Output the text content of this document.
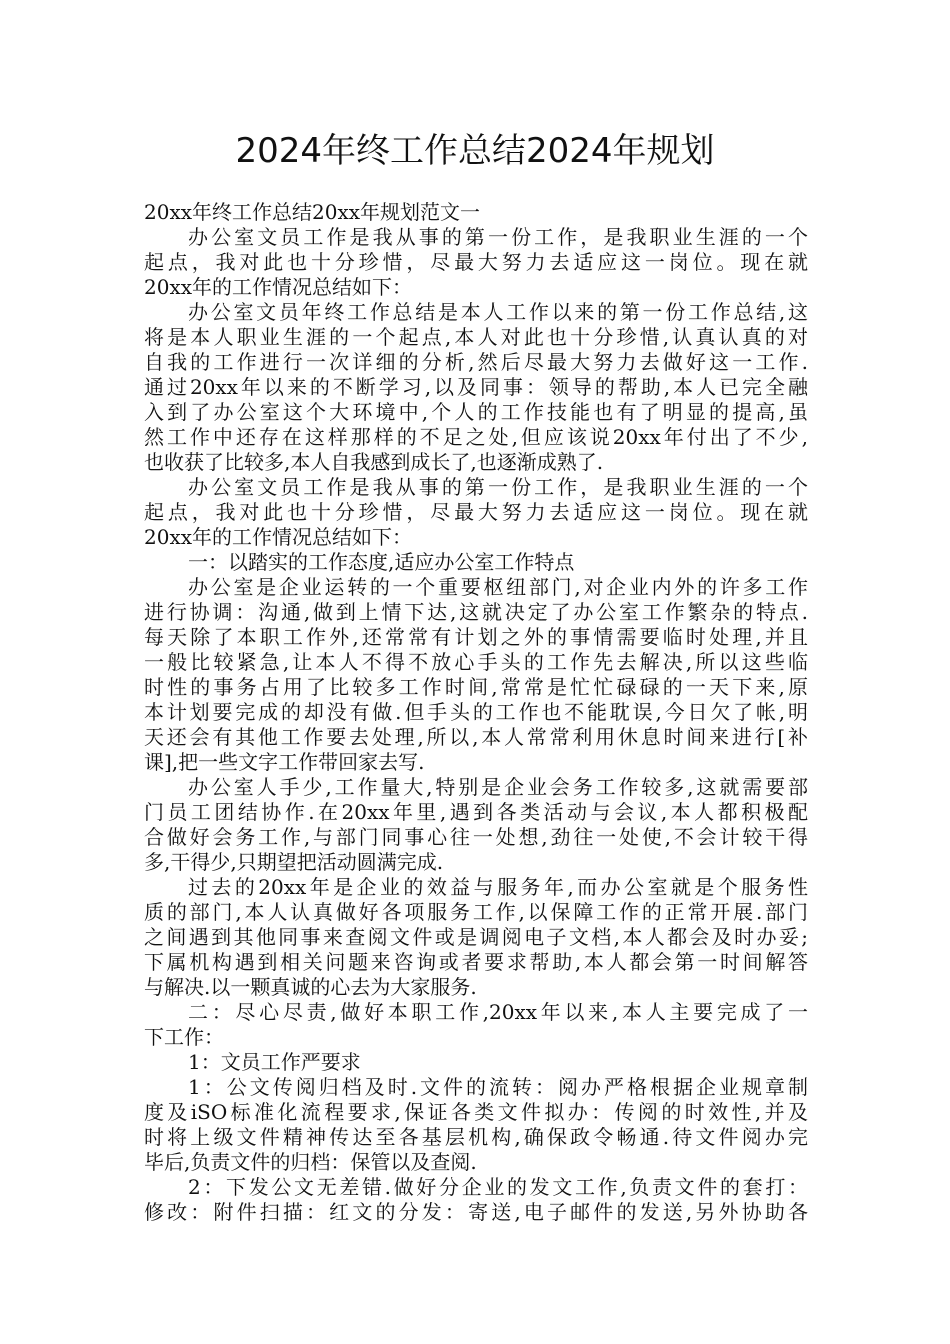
2024年终工作总结2024年规划
20xx年终工作总结20xx年规划范文一
办公室文员工作是我从事的第一份工作，是我职业生涯的一个
起点，我对此也十分珍惜，尽最大努力去适应这一岗位。现在就
20xx年的工作情况总结如下：
办公室文员年终工作总结是本人工作以来的第一份工作总结,这
将是本人职业生涯的一个起点,本人对此也十分珍惜,认真认真的对
自我的工作进行一次详细的分析,然后尽最大努力去做好这一工作.
通过20xx年以来的不断学习,以及同事：领导的帮助,本人已完全融
入到了办公室这个大环境中,个人的工作技能也有了明显的提高,虽
然工作中还存在这样那样的不足之处,但应该说20xx年付出了不少,
也收获了比较多,本人自我感到成长了,也逐渐成熟了.
办公室文员工作是我从事的第一份工作，是我职业生涯的一个
起点，我对此也十分珍惜，尽最大努力去适应这一岗位。现在就
20xx年的工作情况总结如下：
一：以踏实的工作态度,适应办公室工作特点
办公室是企业运转的一个重要枢纽部门,对企业内外的许多工作
进行协调：沟通,做到上情下达,这就决定了办公室工作繁杂的特点.
每天除了本职工作外,还常常有计划之外的事情需要临时处理,并且
一般比较紧急,让本人不得不放心手头的工作先去解决,所以这些临
时性的事务占用了比较多工作时间,常常是忙忙碌碌的一天下来,原
本计划要完成的却没有做.但手头的工作也不能耽误,今日欠了帐,明
天还会有其他工作要去处理,所以,本人常常利用休息时间来进行[补
课],把一些文字工作带回家去写.
办公室人手少,工作量大,特别是企业会务工作较多,这就需要部
门员工团结协作.在20xx年里,遇到各类活动与会议,本人都积极配
合做好会务工作,与部门同事心往一处想,劲往一处使,不会计较干得
多,干得少,只期望把活动圆满完成.
过去的20xx年是企业的效益与服务年,而办公室就是个服务性
质的部门,本人认真做好各项服务工作,以保障工作的正常开展.部门
之间遇到其他同事来查阅文件或是调阅电子文档,本人都会及时办妥;
下属机构遇到相关问题来咨询或者要求帮助,本人都会第一时间解答
与解决.以一颗真诚的心去为大家服务.
二：尽心尽责,做好本职工作,20xx年以来,本人主要完成了一
下工作：
1：文员工作严要求
1：公文传阅归档及时.文件的流转：阅办严格根据企业规章制
度及iSO标准化流程要求,保证各类文件拟办：传阅的时效性,并及
时将上级文件精神传达至各基层机构,确保政令畅通.待文件阅办完
毕后,负责文件的归档：保管以及查阅.
2：下发公文无差错.做好分企业的发文工作,负责文件的套打：
修改：附件扫描：红文的分发：寄送,电子邮件的发送,另外协助各
